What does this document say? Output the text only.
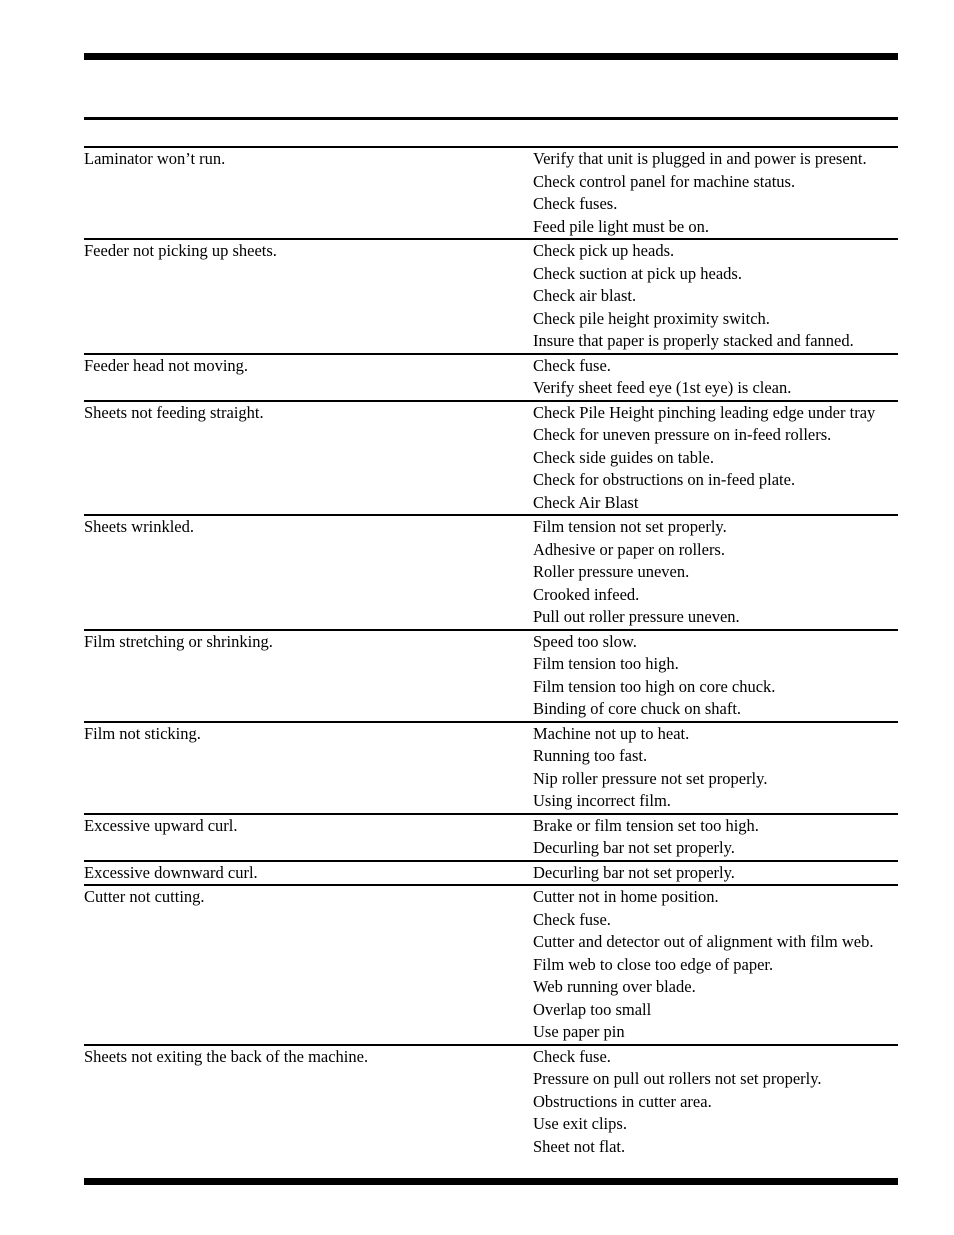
Laminator won’t run.	Verify that unit is plugged in and power is present.
Check control panel for machine status.
Check fuses.
Feed pile light must be on.
Feeder not picking up sheets.	Check pick up heads.
Check suction at pick up heads.
Check air blast.
Check pile height proximity switch.
Insure that paper is properly stacked and fanned.
Feeder head not moving.	Check fuse.
Verify sheet feed eye (1st eye) is clean.
Sheets not feeding straight.	Check Pile Height pinching leading edge under tray
Check for uneven pressure on in-feed rollers.
Check side guides on table.
Check for obstructions on in-feed plate.
Check Air Blast
Sheets wrinkled.	Film tension not set properly.
Adhesive or paper on rollers.
Roller pressure uneven.
Crooked infeed.
Pull out roller pressure uneven.
Film stretching or shrinking.	Speed too slow.
Film tension too high.
Film tension too high on core chuck.
Binding of core chuck on shaft.
Film not sticking.	Machine not up to heat.
Running too fast.
Nip roller pressure not set properly.
Using incorrect film.
Excessive upward curl.	Brake or film tension set too high.
Decurling bar not set properly.
Excessive downward curl.	Decurling bar not set properly.
Cutter not cutting.	Cutter not in home position.
Check fuse.
Cutter and detector out of alignment with film web.
Film web to close too edge of paper.
Web running over blade.
Overlap too small
Use paper pin
Sheets not exiting the back of the machine.	Check fuse.
Pressure on pull out rollers not set properly.
Obstructions in cutter area.
Use exit clips.
Sheet not flat.
